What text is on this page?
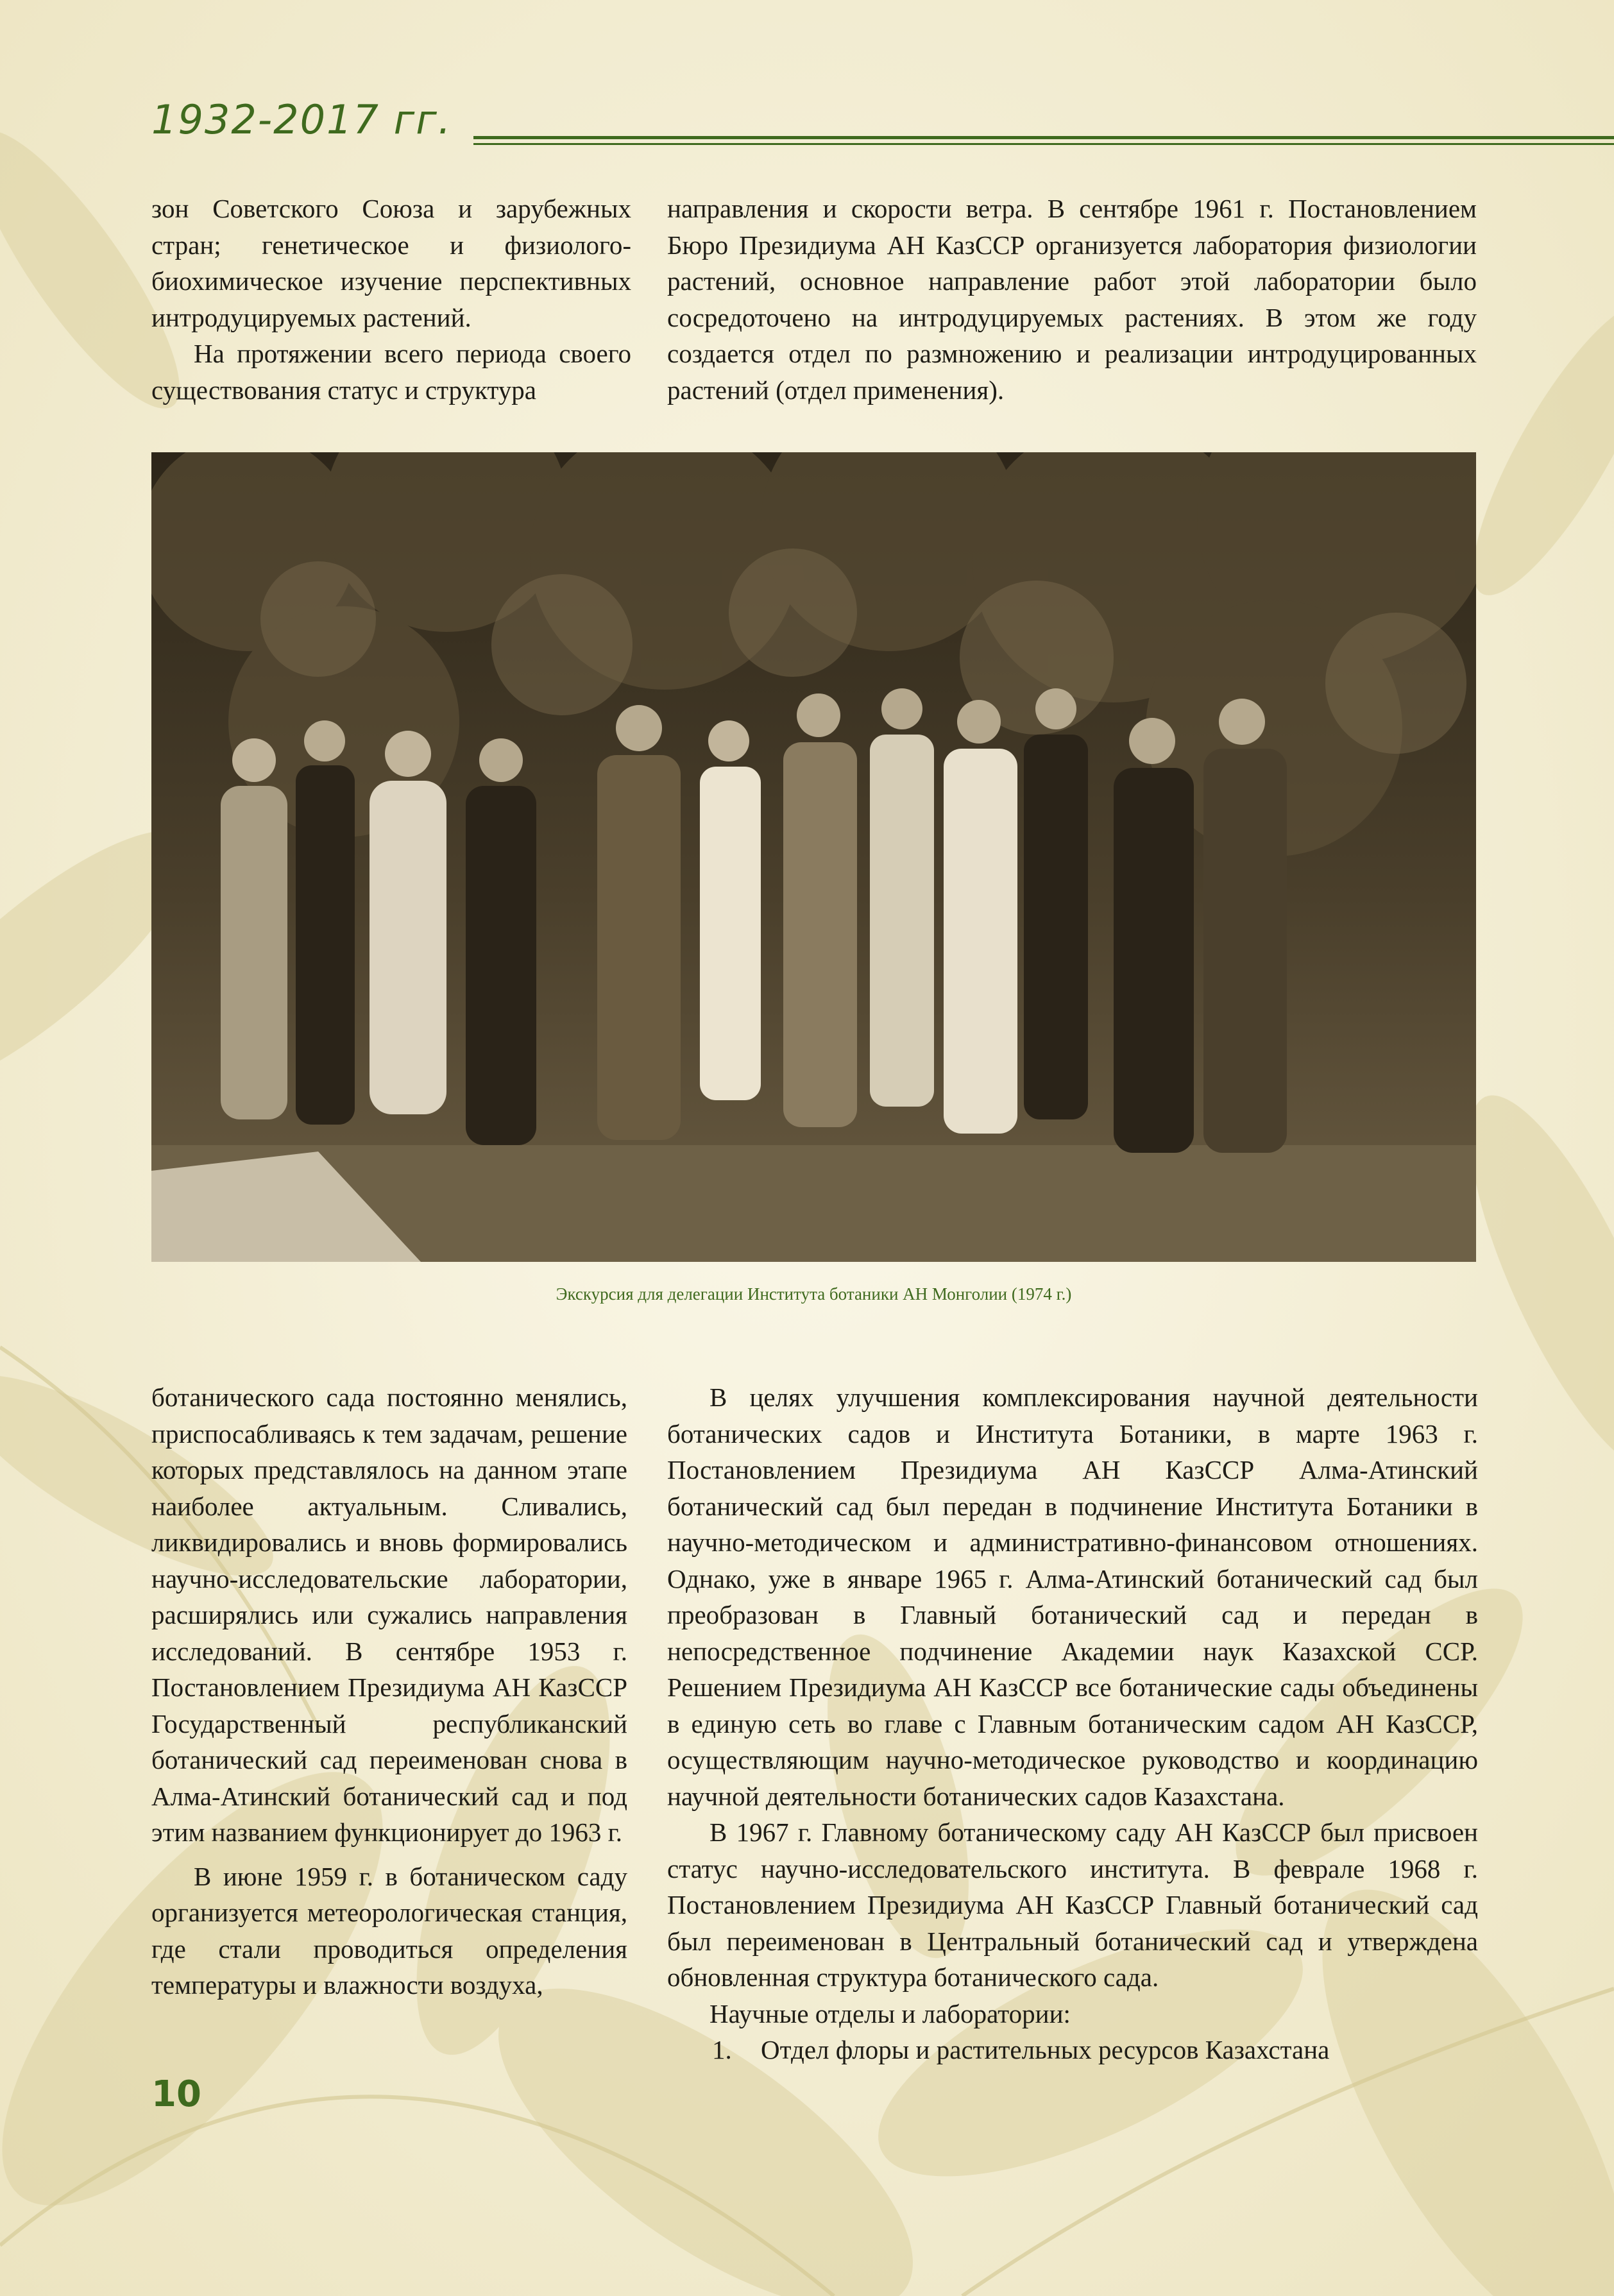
1932-2017 гг.

зон Советского Союза и зарубежных стран; генетическое и физиолого-биохимическое изучение перспективных интродуцируемых растений.

На протяжении всего периода своего существования статус и структура

направления и скорости ветра. В сентябре 1961 г. Постановлением Бюро Президиума АН КазССР организуется лаборатория физиологии растений, основное направление работ этой лаборатории было сосредоточено на интродуцируемых растениях. В этом же году создается отдел по размножению и реализации интродуцированных растений (отдел применения).

Экскурсия для делегации Института ботаники АН Монголии (1974 г.)

ботанического сада постоянно менялись, приспосабливаясь к тем задачам, решение которых представлялось на данном этапе наиболее актуальным. Сливались, ликвидировались и вновь формировались научно-исследовательские лаборатории, расширялись или сужались направления исследований. В сентябре 1953 г. Постановлением Президиума АН КазССР Государственный республиканский ботанический сад переименован снова в Алма-Атинский ботанический сад и под этим названием функционирует до 1963 г.

В июне 1959 г. в ботаническом саду организуется метеорологическая станция, где стали проводиться определения температуры и влажности воздуха,

В целях улучшения комплексирования научной деятельности ботанических садов и Института Ботаники, в марте 1963 г. Постановлением Президиума АН КазССР Алма-Атинский ботанический сад был передан в подчинение Института Ботаники в научно-методическом и административно-финансовом отношениях. Однако, уже в январе 1965 г. Алма-Атинский ботанический сад был преобразован в Главный ботанический сад и передан в непосредственное подчинение Академии наук Казахской ССР. Решением Президиума АН КазССР все ботанические сады объединены в единую сеть во главе с Главным ботаническим садом АН КазССР, осуществляющим научно-методическое руководство и координацию научной деятельности ботанических садов Казахстана.

В 1967 г. Главному ботаническому саду АН КазССР был присвоен статус научно-исследовательского института. В феврале 1968 г. Постановлением Президиума АН КазССР Главный ботанический сад был переименован в Центральный ботанический сад и утверждена обновленная структура ботанического сада.

Научные отделы и лаборатории:

1.	Отдел флоры и растительных ресурсов Казахстана
10
